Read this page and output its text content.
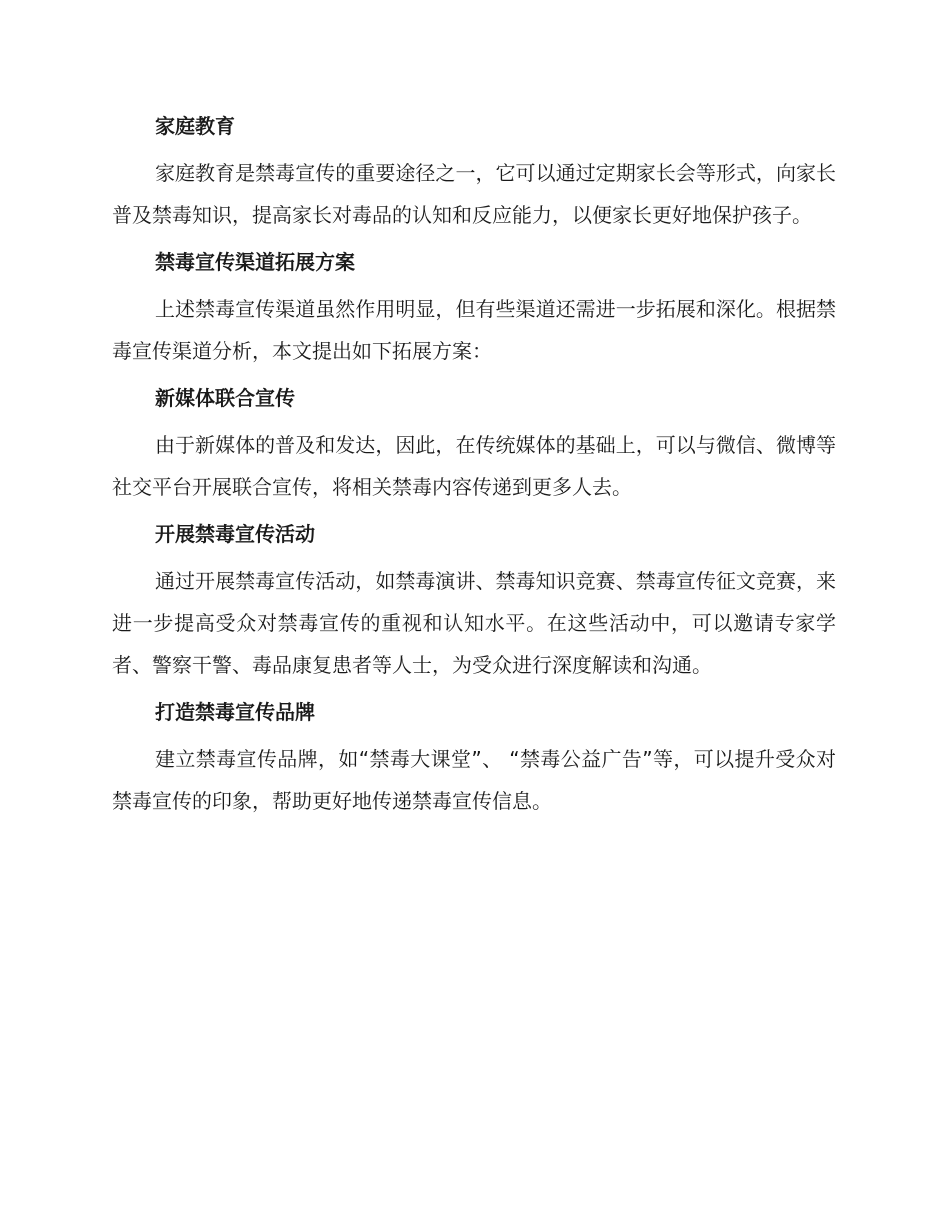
家庭教育
家庭教育是禁毒宣传的重要途径之一，它可以通过定期家长会等形式，向家长普及禁毒知识，提高家长对毒品的认知和反应能力，以便家长更好地保护孩子。
禁毒宣传渠道拓展方案
上述禁毒宣传渠道虽然作用明显，但有些渠道还需进一步拓展和深化。根据禁毒宣传渠道分析，本文提出如下拓展方案：
新媒体联合宣传
由于新媒体的普及和发达，因此，在传统媒体的基础上，可以与微信、微博等社交平台开展联合宣传，将相关禁毒内容传递到更多人去。
开展禁毒宣传活动
通过开展禁毒宣传活动，如禁毒演讲、禁毒知识竞赛、禁毒宣传征文竞赛，来进一步提高受众对禁毒宣传的重视和认知水平。在这些活动中，可以邀请专家学者、警察干警、毒品康复患者等人士，为受众进行深度解读和沟通。
打造禁毒宣传品牌
建立禁毒宣传品牌，如“禁毒大课堂”、 “禁毒公益广告”等，可以提升受众对禁毒宣传的印象，帮助更好地传递禁毒宣传信息。
